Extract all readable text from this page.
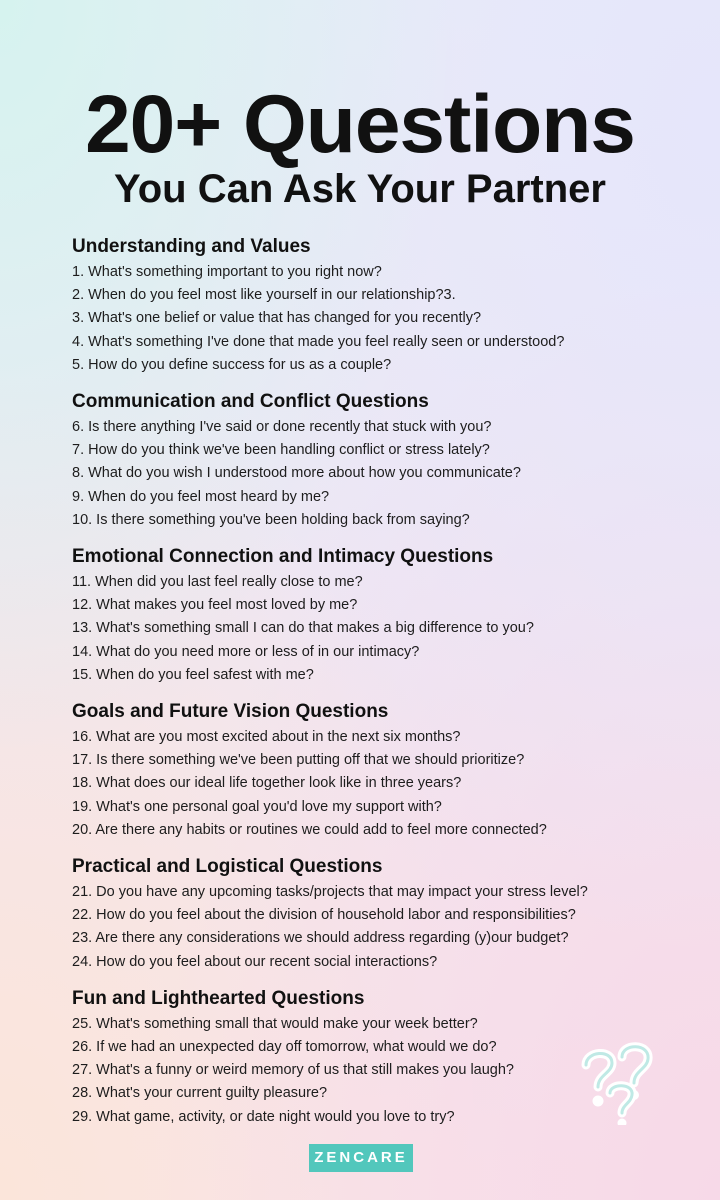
20+ Questions
You Can Ask Your Partner
Understanding and Values
1. What's something important to you right now?
2. When do you feel most like yourself in our relationship?3.
3. What's one belief or value that has changed for you recently?
4. What's something I've done that made you feel really seen or understood?
5. How do you define success for us as a couple?
Communication and Conflict Questions
6. Is there anything I've said or done recently that stuck with you?
7. How do you think we've been handling conflict or stress lately?
8. What do you wish I understood more about how you communicate?
9. When do you feel most heard by me?
10. Is there something you've been holding back from saying?
Emotional Connection and Intimacy Questions
11. When did you last feel really close to me?
12. What makes you feel most loved by me?
13. What's something small I can do that makes a big difference to you?
14. What do you need more or less of in our intimacy?
15. When do you feel safest with me?
Goals and Future Vision Questions
16. What are you most excited about in the next six months?
17. Is there something we've been putting off that we should prioritize?
18. What does our ideal life together look like in three years?
19. What's one personal goal you'd love my support with?
20. Are there any habits or routines we could add to feel more connected?
Practical and Logistical Questions
21. Do you have any upcoming tasks/projects that may impact your stress level?
22. How do you feel about the division of household labor and responsibilities?
23. Are there any considerations we should address regarding (y)our budget?
24. How do you feel about our recent social interactions?
Fun and Lighthearted Questions
25. What's something small that would make your week better?
26. If we had an unexpected day off tomorrow, what would we do?
27. What's a funny or weird memory of us that still makes you laugh?
28. What's your current guilty pleasure?
29. What game, activity, or date night would you love to try?
ZENCARE
